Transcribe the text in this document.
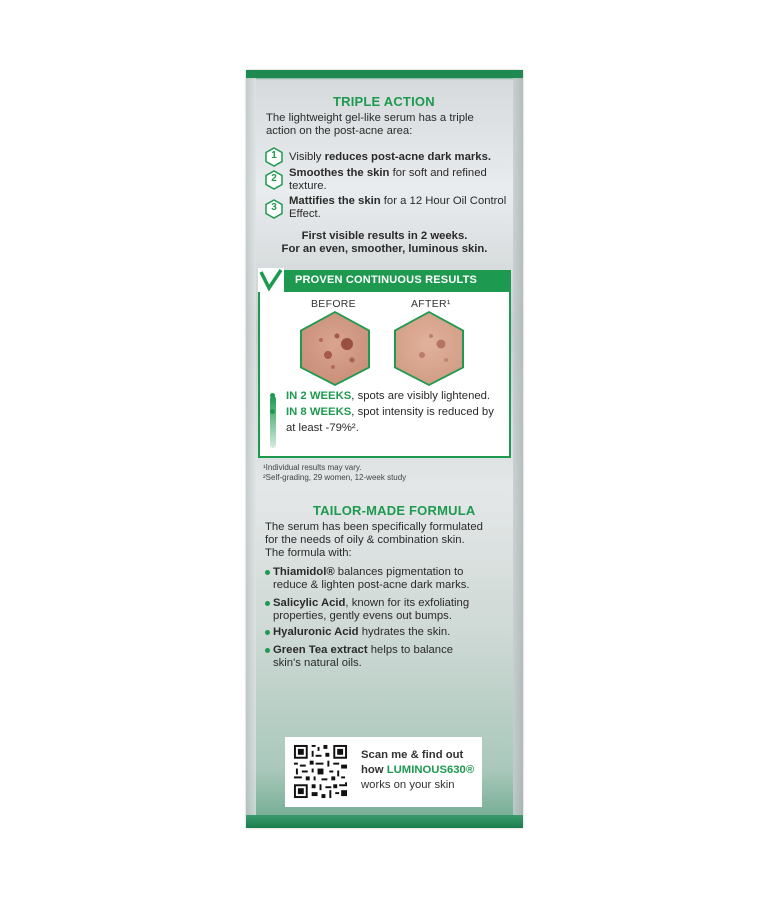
TRIPLE ACTION
The lightweight gel-like serum has a triple action on the post-acne area:
1	Visibly reduces post-acne dark marks.
2	Smoothes the skin for soft and refined texture.
3
Mattifies the skin for a 12 Hour Oil Control Effect.
First visible results in 2 weeks.
For an even, smoother, luminous skin.
PROVEN CONTINUOUS RESULTS
BEFORE	AFTER¹
IN 2 WEEKS, spots are visibly lightened.
IN 8 WEEKS, spot intensity is reduced by
at least -79%².
¹Individual results may vary.
²Self-grading, 29 women, 12-week study
TAILOR-MADE FORMULA
The serum has been specifically formulated
for the needs of oily & combination skin.
The formula with:
Thiamidol® balances pigmentation to
reduce & lighten post-acne dark marks.
Salicylic Acid, known for its exfoliating
properties, gently evens out bumps.
Hyaluronic Acid hydrates the skin.
Green Tea extract helps to balance
skin's natural oils.
Scan me & find out
how LUMINOUS630®
works on your skin
